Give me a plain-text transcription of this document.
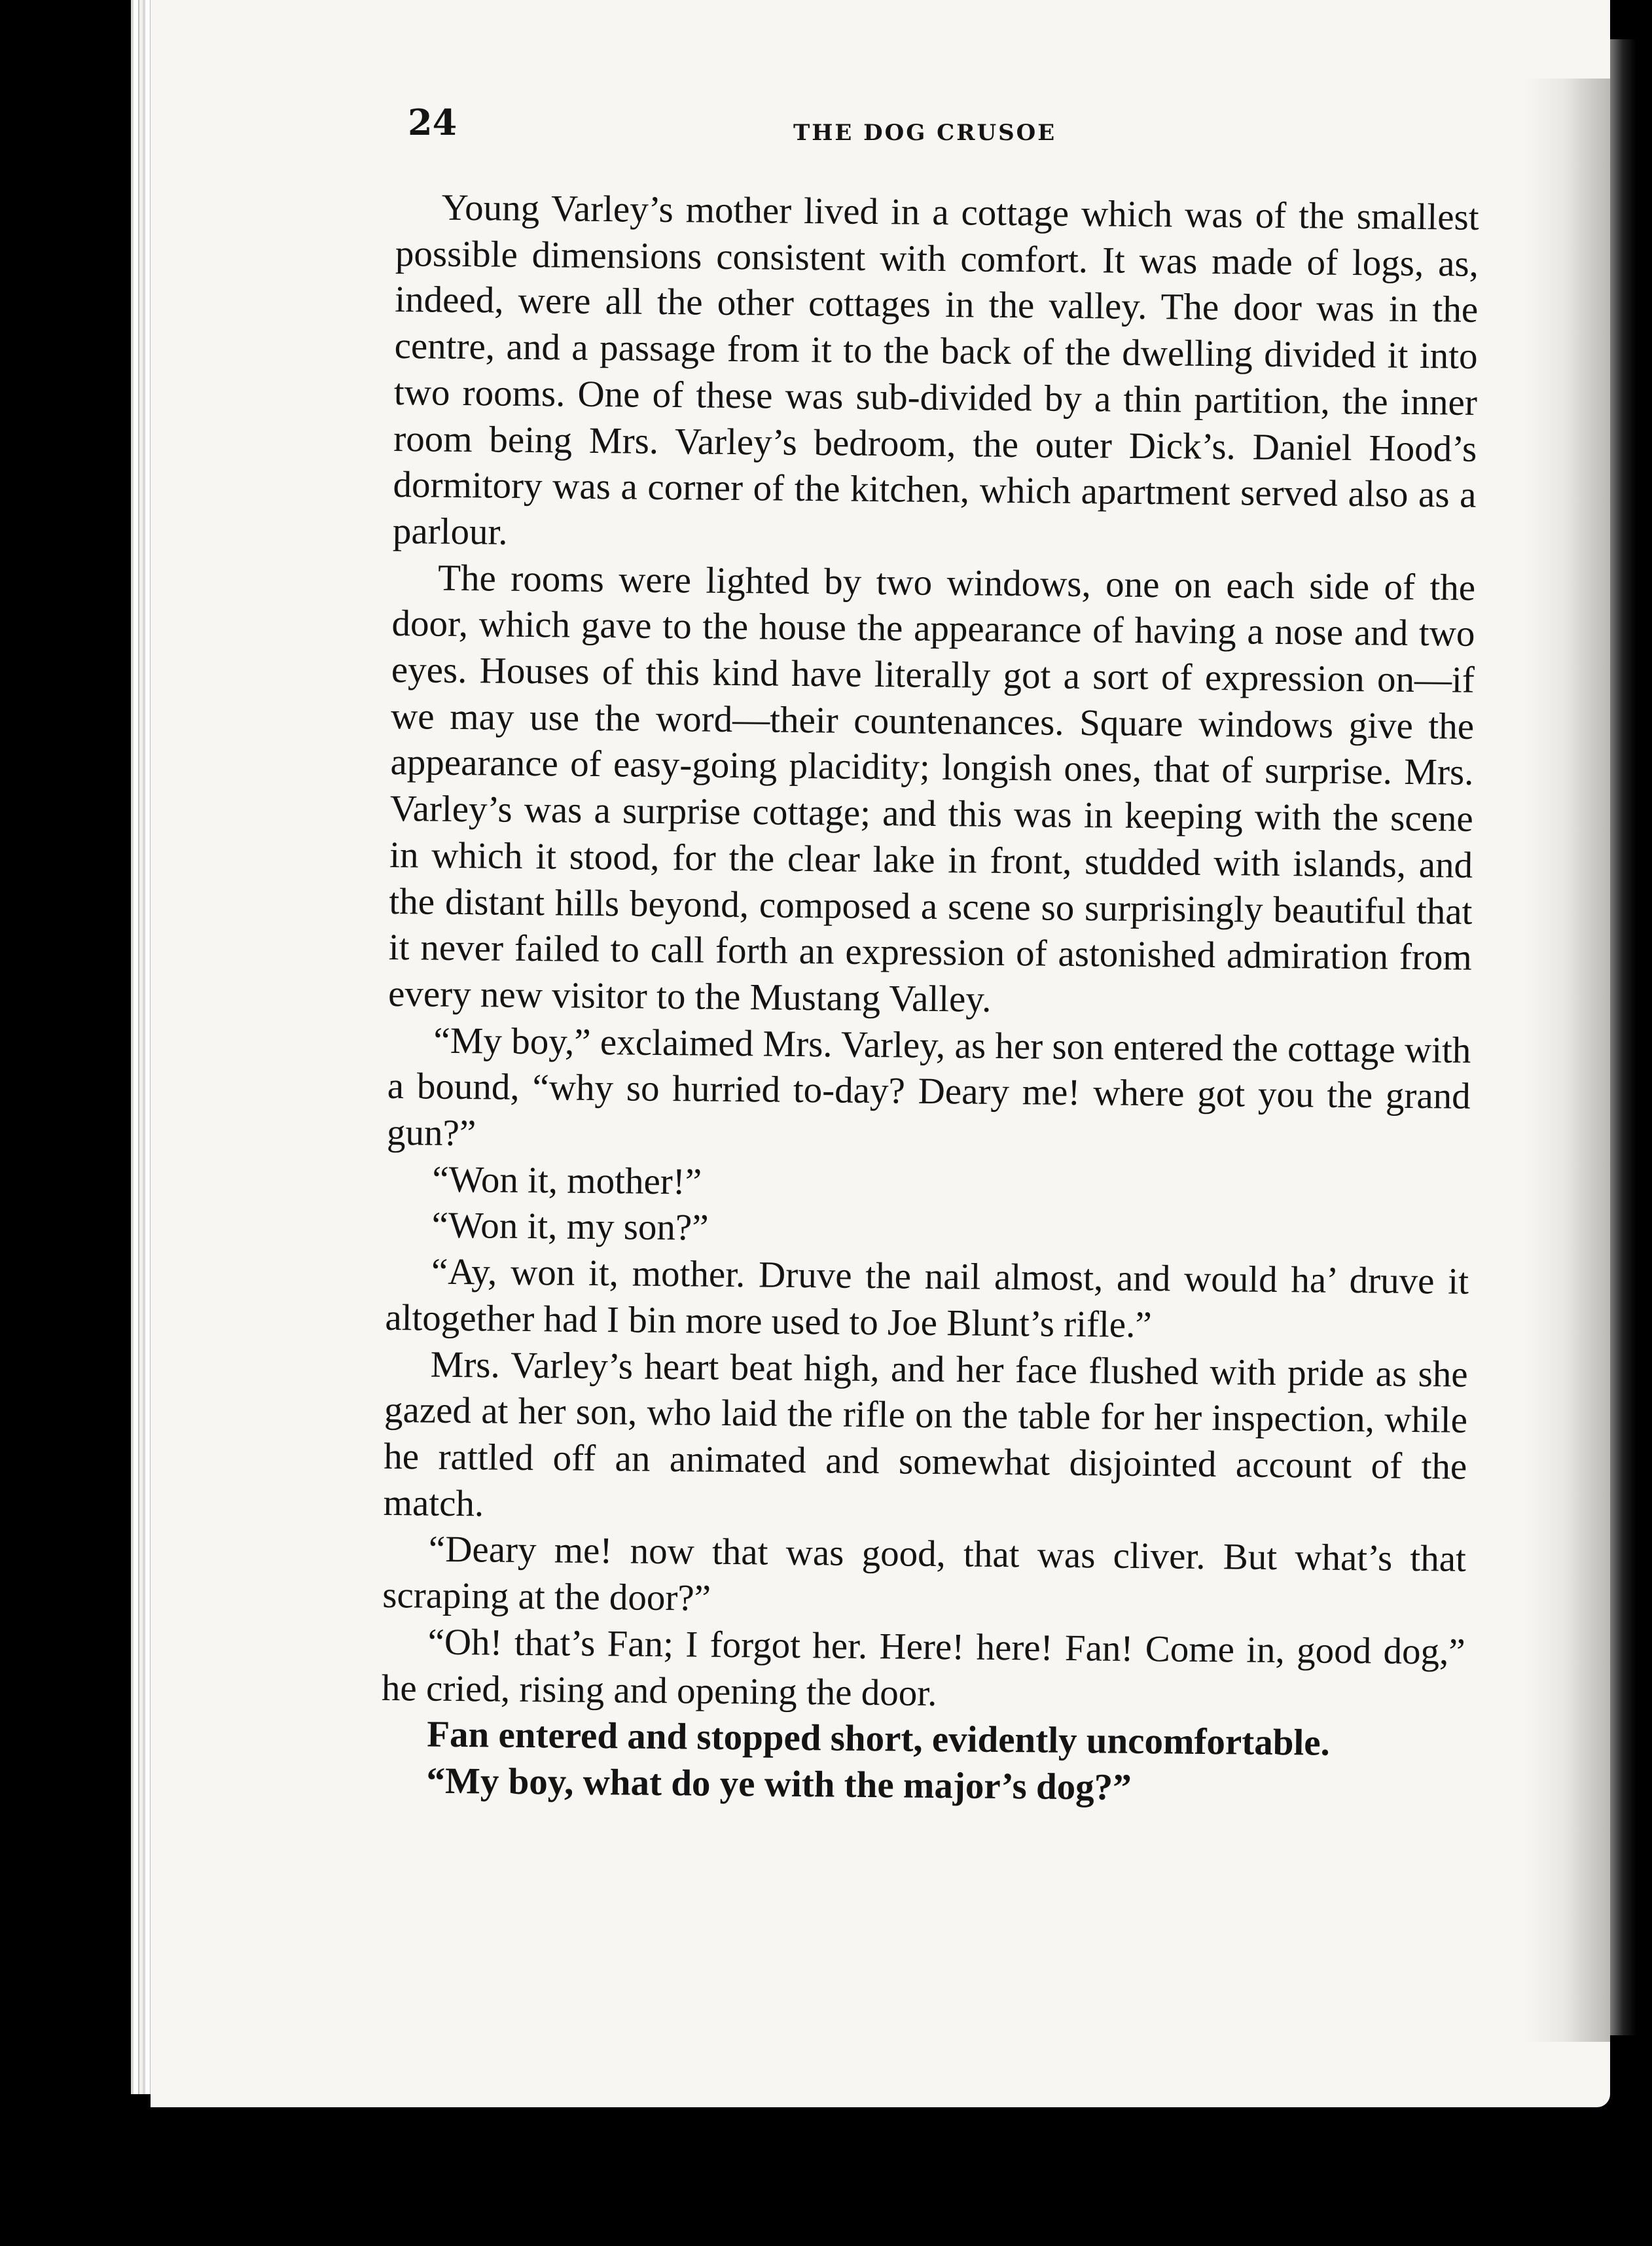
24	THE DOG CRUSOE

Young Varley’s mother lived in a cottage which was of the smallest possible dimensions consistent with comfort. It was made of logs, as, indeed, were all the other cottages in the valley. The door was in the centre, and a passage from it to the back of the dwelling divided it into two rooms. One of these was sub-divided by a thin partition, the inner room being Mrs. Varley’s bedroom, the outer Dick’s. Daniel Hood’s dormitory was a corner of the kitchen, which apartment served also as a parlour.

The rooms were lighted by two windows, one on each side of the door, which gave to the house the appearance of having a nose and two eyes. Houses of this kind have literally got a sort of expression on—if we may use the word—their countenances. Square windows give the appearance of easy-going placidity; longish ones, that of surprise. Mrs. Varley’s was a surprise cottage; and this was in keeping with the scene in which it stood, for the clear lake in front, studded with islands, and the distant hills beyond, composed a scene so surprisingly beautiful that it never failed to call forth an expression of astonished admiration from every new visitor to the Mustang Valley.

“My boy,” exclaimed Mrs. Varley, as her son entered the cottage with a bound, “why so hurried to-day? Deary me! where got you the grand gun?”

“Won it, mother!”

“Won it, my son?”

“Ay, won it, mother. Druve the nail almost, and would ha’ druve it altogether had I bin more used to Joe Blunt’s rifle.”

Mrs. Varley’s heart beat high, and her face flushed with pride as she gazed at her son, who laid the rifle on the table for her inspection, while he rattled off an animated and somewhat disjointed account of the match.

“Deary me! now that was good, that was cliver. But what’s that scraping at the door?”

“Oh! that’s Fan; I forgot her. Here! here! Fan! Come in, good dog,” he cried, rising and opening the door.

Fan entered and stopped short, evidently uncomfortable.

“My boy, what do ye with the major’s dog?”
